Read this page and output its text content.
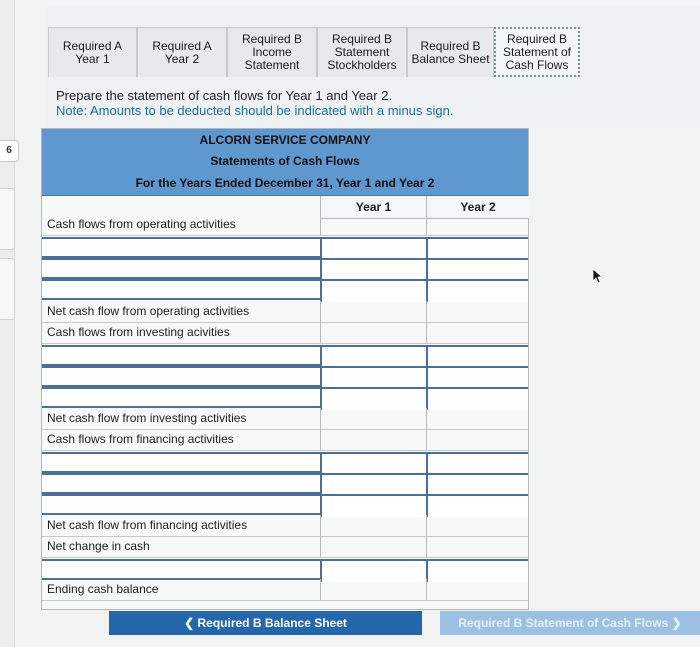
6
Required A
Year 1
Required A
Year 2
Required B
Income
Statement
Required B
Statement
Stockholders
Required B
Balance Sheet
Required B
Statement of
Cash Flows
Prepare the statement of cash flows for Year 1 and Year 2.
Note: Amounts to be deducted should be indicated with a minus sign.
ALCORN SERVICE COMPANY
Statements of Cash Flows
For the Years Ended December 31, Year 1 and Year 2
Year 1	Year 2
Cash flows from operating activities
Net cash flow from operating activities
Cash flows from investing acivities
Net cash flow from investing activities
Cash flows from financing activities
Net cash flow from financing activities
Net change in cash
Ending cash balance
❮ Required B Balance Sheet	Required B Statement of Cash Flows ❯
